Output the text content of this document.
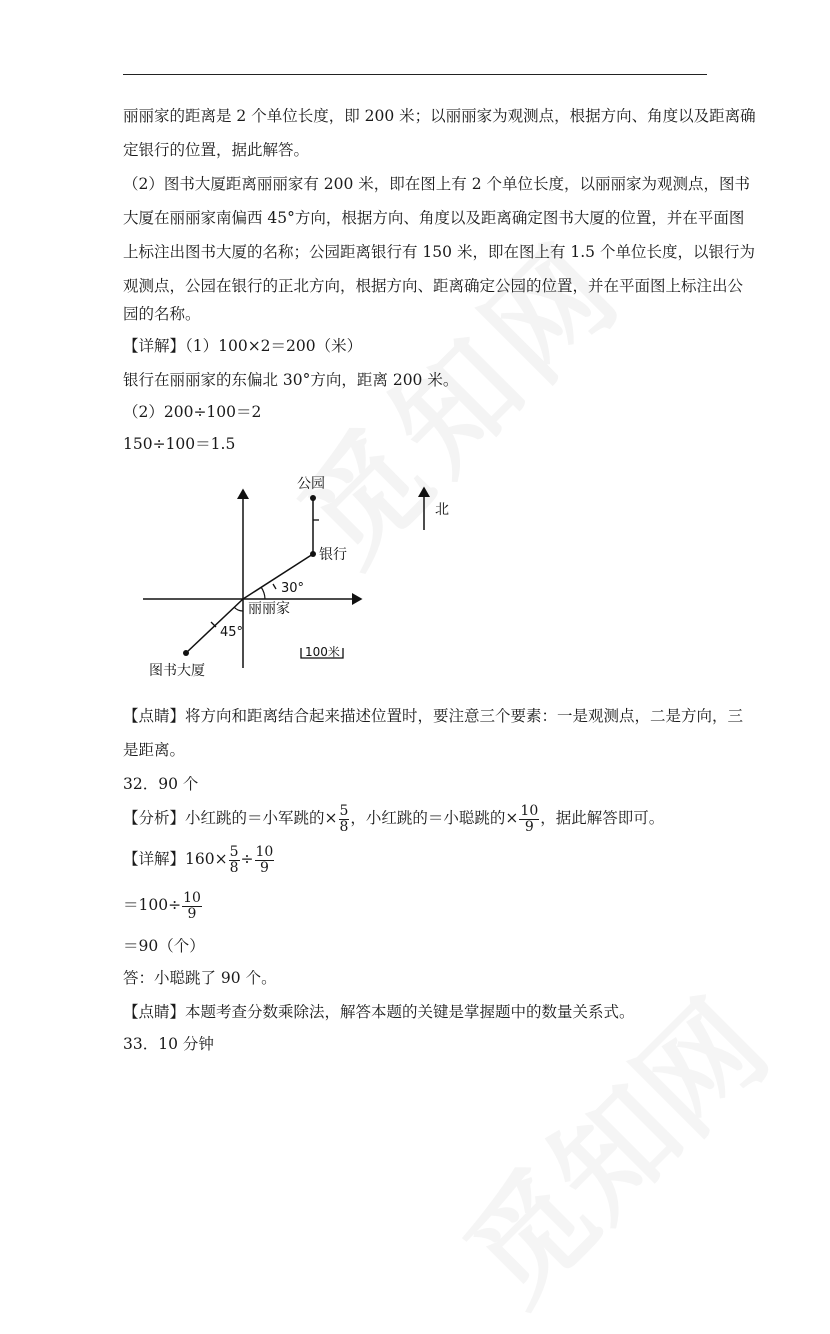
丽丽家的距离是 2 个单位长度，即 200 米；以丽丽家为观测点，根据方向、角度以及距离确
定银行的位置，据此解答。
（2）图书大厦距离丽丽家有 200 米，即在图上有 2 个单位长度，以丽丽家为观测点，图书
大厦在丽丽家南偏西 45°方向，根据方向、角度以及距离确定图书大厦的位置，并在平面图
上标注出图书大厦的名称；公园距离银行有 150 米，即在图上有 1.5 个单位长度，以银行为
观测点，公园在银行的正北方向，根据方向、距离确定公园的位置，并在平面图上标注出公
园的名称。
【详解】（1）100×2＝200（米）
银行在丽丽家的东偏北 30°方向，距离 200 米。
（2）200÷100＝2
150÷100＝1.5
公园
银行
30°
丽丽家
45°
图书大厦
北
100米
【点睛】将方向和距离结合起来描述位置时，要注意三个要素：一是观测点，二是方向，三
是距离。
32．90 个
【分析】小红跳的＝小军跳的× $\frac{5}{8}$ ，小红跳的＝小聪跳的× $\frac{10}{9}$ ，据此解答即可。
【详解】$160\times \frac{5}{8} \div \frac{10}{9}$
$=100\div \frac{10}{9}$
＝90（个）
答：小聪跳了 90 个。
【点睛】本题考查分数乘除法，解答本题的关键是掌握题中的数量关系式。
33．10 分钟
